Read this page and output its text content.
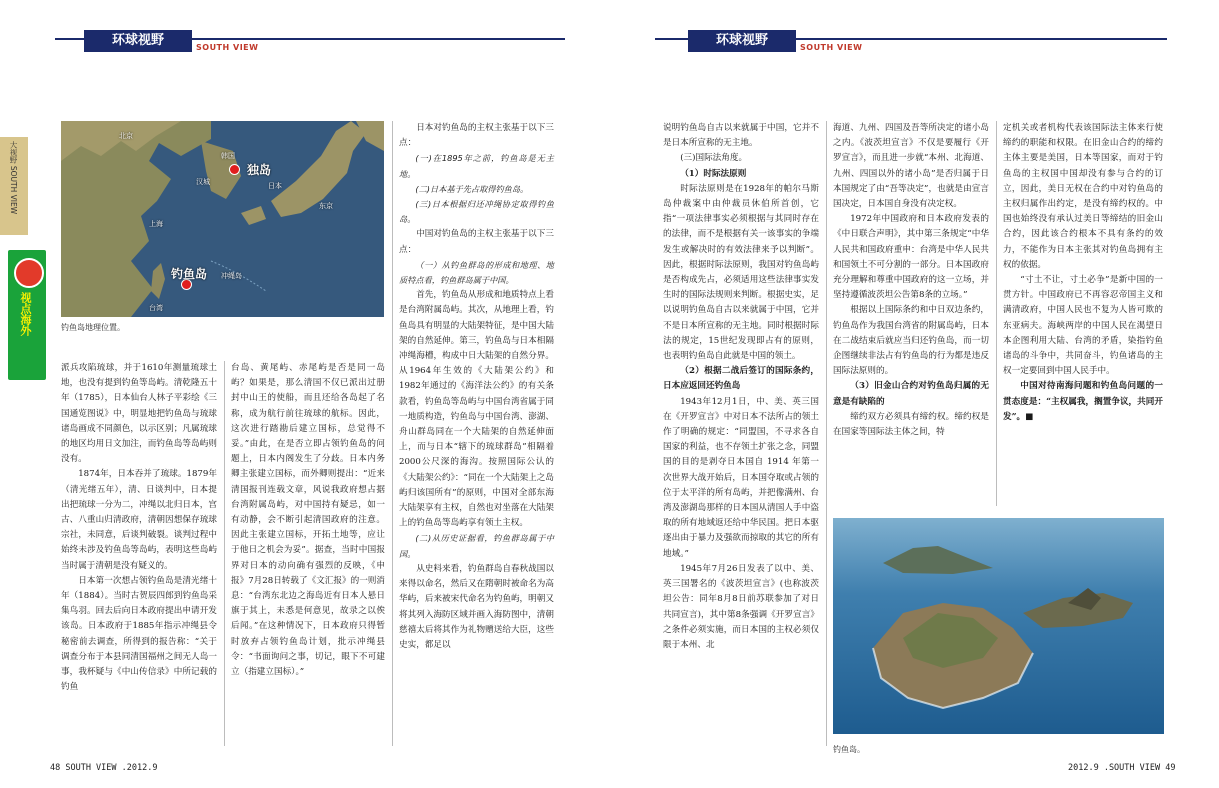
环球视野	SOUTH VIEW
大视野 SOUTH VIEW
视点海外
北京
韩国
汉城
上海
台湾
日本
东京
独岛
钓鱼岛 冲绳岛
钓鱼岛地理位置。

派兵攻陷琉球，并于1610年测量琉球土地，也没有提到钓鱼等岛屿。清乾隆五十年（1785），日本仙台人林子平彩绘《三国通览图说》中，明显地把钓鱼岛与琉球诸岛画成不同颜色，以示区别；凡属琉球的地区均用日文加注，而钓鱼岛等岛屿则没有。

1874年，日本吞并了琉球。1879年（清光绪五年），清、日谈判中，日本提出把琉球一分为二，冲绳以北归日本，宫古、八重山归清政府，清朝因想保存琉球宗社，未同意，后谈判破裂。谈判过程中始终未涉及钓鱼岛等岛屿，表明这些岛屿当时属于清朝是没有疑义的。

日本第一次想占领钓鱼岛是清光绪十年（1884）。当时古贺辰四郎到钓鱼岛采集鸟羽。回去后向日本政府提出申请开发该岛。日本政府于1885年指示冲绳县令秘密前去调查，所得到的报告称：“关于调查分布于本县同清国福州之间无人岛一事，我杯疑与《中山传信录》中所记载的钓鱼

台岛、黄尾屿、赤尾屿是否是同一岛屿？如果是，那么清国不仅已派出过册封中山王的使船，而且还给各岛起了名称，成为航行前往琉球的航标。因此，这次进行踏勘后建立国标，总觉得不妥。”由此，在是否立即占领钓鱼岛的问题上，日本内阁发生了分歧。日本内务卿主张建立国标，而外卿则提出：“近来清国报刊连载文章，风说我政府想占据台湾附属岛屿，对中国持有疑忌，如一有动静，会不断引起清国政府的注意。因此主张建立国标，开拓土地等，应让于他日之机会为妥”。据查，当时中国报界对日本的动向确有强烈的反映，《申报》7月28日转载了《文汇报》的一则消息：“台湾东北边之海岛近有日本人悬日旗于其上，未悉是何意见，故录之以俟后闻。”在这种情况下，日本政府只得暂时放弃占领钓鱼岛计划，批示冲绳县令：“书面询问之事，切记，眼下不可建立（指建立国标）。”

日本对钓鱼岛的主权主张基于以下三点：

(一)在1895年之前，钓鱼岛是无主地。

(二)日本基于先占取得钓鱼岛。

(三)日本根据归还冲绳协定取得钓鱼岛。

中国对钓鱼岛的主权主张基于以下三点：

（一）从钓鱼群岛的形成和地理、地质特点看，钓鱼群岛属于中国。

首先，钓鱼岛从形成和地质特点上看是台湾附属岛屿。其次，从地理上看，钓鱼岛具有明显的大陆架特征，是中国大陆架的自然延伸。第三，钓鱼岛与日本相隔冲绳海槽，构成中日大陆架的自然分界。从1964年生效的《大陆架公约》和1982年通过的《海洋法公约》的有关条款看，钓鱼岛等岛屿与中国台湾省属于同一地质构造，钓鱼岛与中国台湾、澎湖、舟山群岛同在一个大陆架的自然延伸面上，而与日本“辖下的琉球群岛”相隔着2000公尺深的海沟。按照国际公认的《大陆架公约》：“同在一个大陆架上之岛屿归该国所有”的原则，中国对全部东海大陆架享有主权，自然也对坐落在大陆架上的钓鱼岛等岛屿享有领土主权。

(二)从历史证据看，钓鱼群岛属于中国。

从史料来看，钓鱼群岛自春秋战国以来得以命名，然后又在隋朝时被命名为高华屿，后来被宋代命名为钓鱼屿，明朝又将其列入海防区域并画入海防图中，清朝慈禧太后将其作为礼物赠送给大臣，这些史实，都足以

48 SOUTH VIEW .2012.9
环球视野	SOUTH VIEW

说明钓鱼岛自古以来就属于中国，它并不是日本所宣称的无主地。

(三)国际法角度。

（1）时际法原则

时际法原则是在1928年的帕尔马斯岛仲裁案中由仲裁员休伯所首创，它指“一项法律事实必须根据与其同时存在的法律，而不是根据有关一该事实的争端发生或解决时的有效法律来予以判断”。因此，根据时际法原则，我国对钓鱼岛屿是否构成先占，必须适用这些法律事实发生时的国际法规则来判断。根据史实，足以说明钓鱼岛自古以来就属于中国，它并不是日本所宣称的无主地。同时根据时际法的规定，15世纪发现即占有的原则，也表明钓鱼岛自此就是中国的领土。

（2）根据二战后签订的国际条约，日本应返回还钓鱼岛

1943年12月1日，中、美、英三国在《开罗宣言》中对日本不法所占的领土作了明确的规定：“同盟国，不寻求各自国家的利益，也不存领土扩张之念，同盟国的目的是剥夺日本国自 1914 年第一次世界大战开始后，日本国夺取或占领的位于太平洋的所有岛屿，并把像满州、台湾及澎湖岛那样的日本国从清国人手中盗取的所有地域返还给中华民国。把日本驱逐出由于暴力及强欲而掠取的其它的所有地域。”

1945年7月26日发表了以中、美、英三国署名的《波茨坦宣言》(也称波茨坦公告：同年8月8日前苏联参加了对日共同宣言)，其中第8条强调《开罗宣言》之条件必须实施，而日本国的主权必须仅限于本州、北

海道、九州、四国及吾等所决定的诸小岛之内。《波茨坦宣言》不仅是要履行《开罗宣言》，而且进一步就“本州、北海道、九州、四国以外的诸小岛”是否归属于日本国规定了由“吾等决定”，也就是由宣言国决定，日本国自身没有决定权。

1972年中国政府和日本政府发表的《中日联合声明》，其中第三条规定“中华人民共和国政府重申：台湾是中华人民共和国领土不可分割的一部分。日本国政府充分理解和尊重中国政府的这一立场，并坚持遵循波茨坦公告第8条的立场。”

根据以上国际条约和中日双边条约，钓鱼岛作为我国台湾省的附属岛屿，日本在二战结束后就应当归还钓鱼岛，而一切企图继续非法占有钓鱼岛的行为都是违反国际法原则的。

（3）旧金山合约对钓鱼岛归属的无意是有缺陷的

缔约双方必须具有缔约权。缔约权是在国家等国际法主体之间，特

定机关或者机构代表该国际法主体来行使缔约的职能和权限。在旧金山合约的缔约主体主要是美国，日本等国家，而对于钓鱼岛的主权国中国却没有参与合约的订立，因此，美日无权在合约中对钓鱼岛的主权归属作出约定，是没有缔约权的。中国也始终没有承认过美日等缔结的旧金山合约，因此该合约根本不具有条约的效力，不能作为日本主张其对钓鱼岛拥有主权的依据。

“寸土不让，寸土必争”是新中国的一贯方针。中国政府已不再容忍帝国主义和满清政府，中国人民也不复为人皆可欺的东亚病夫。海峡两岸的中国人民在渴望日本企图利用大陆、台湾的矛盾，染指钓鱼诸岛的斗争中，共同奋斗，钓鱼诸岛的主权一定要回到中国人民手中。

中国对待南海问题和钓鱼岛问题的一贯态度是：“主权属我，搁置争议，共同开发”。■

钓鱼岛。
2012.9 .SOUTH VIEW 49
